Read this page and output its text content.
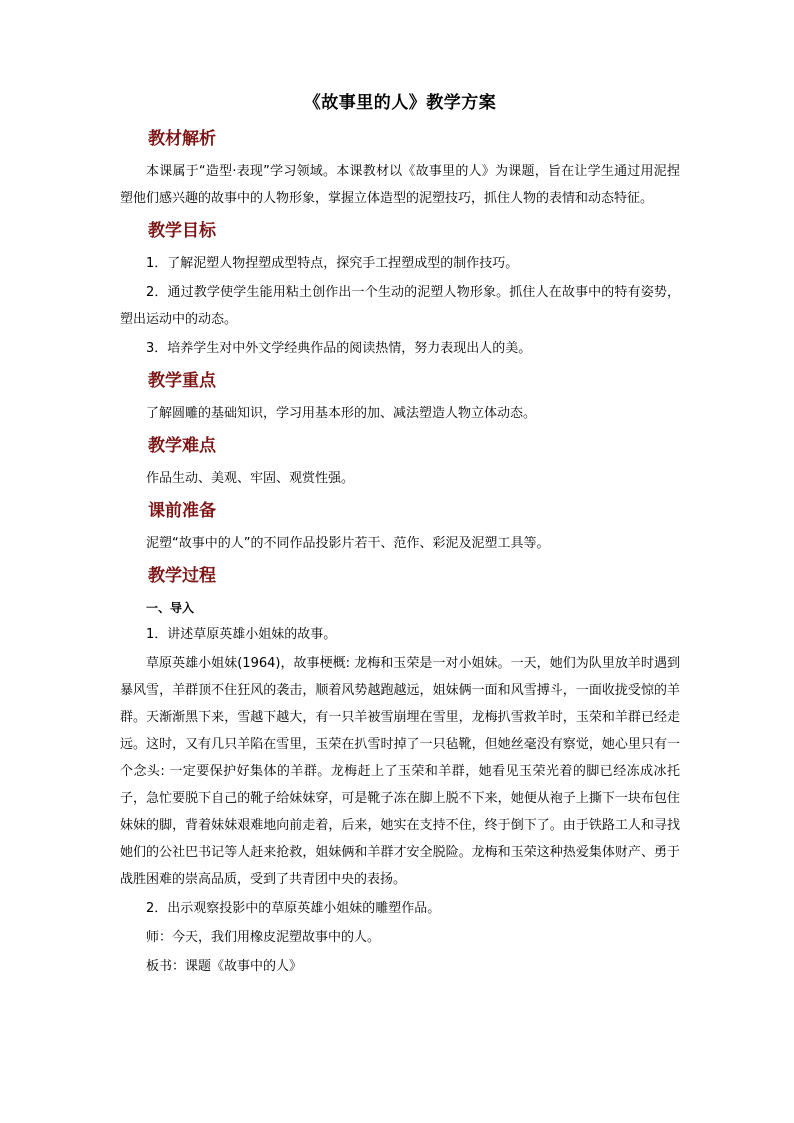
《故事里的人》教学方案
教材解析

本课属于“造型·表现”学习领域。本课教材以《故事里的人》为课题，旨在让学生通过用泥捏塑他们感兴趣的故事中的人物形象，掌握立体造型的泥塑技巧，抓住人物的表情和动态特征。

教学目标

1．了解泥塑人物捏塑成型特点，探究手工捏塑成型的制作技巧。

2．通过教学使学生能用粘土创作出一个生动的泥塑人物形象。抓住人在故事中的特有姿势，塑出运动中的动态。

3．培养学生对中外文学经典作品的阅读热情，努力表现出人的美。

教学重点

了解圆雕的基础知识，学习用基本形的加、减法塑造人物立体动态。

教学难点

作品生动、美观、牢固、观赏性强。

课前准备

泥塑“故事中的人”的不同作品投影片若干、范作、彩泥及泥塑工具等。

教学过程
一、导入

1．讲述草原英雄小姐妹的故事。

草原英雄小姐妹(1964)，故事梗概: 龙梅和玉荣是一对小姐妹。一天，她们为队里放羊时遇到暴风雪，羊群顶不住狂风的袭击，顺着风势越跑越远，姐妹俩一面和风雪搏斗，一面收拢受惊的羊群。天渐渐黑下来，雪越下越大，有一只羊被雪崩埋在雪里，龙梅扒雪救羊时，玉荣和羊群已经走远。这时，又有几只羊陷在雪里，玉荣在扒雪时掉了一只毡靴，但她丝毫没有察觉，她心里只有一个念头: 一定要保护好集体的羊群。龙梅赶上了玉荣和羊群，她看见玉荣光着的脚已经冻成冰托子，急忙要脱下自己的靴子给妹妹穿，可是靴子冻在脚上脱不下来，她便从袍子上撕下一块布包住妹妹的脚，背着妹妹艰难地向前走着，后来，她实在支持不住，终于倒下了。由于铁路工人和寻找她们的公社巴书记等人赶来抢救，姐妹俩和羊群才安全脱险。龙梅和玉荣这种热爱集体财产、勇于战胜困难的崇高品质，受到了共青团中央的表扬。

2．出示观察投影中的草原英雄小姐妹的雕塑作品。

师：今天，我们用橡皮泥塑故事中的人。

板书：课题《故事中的人》
